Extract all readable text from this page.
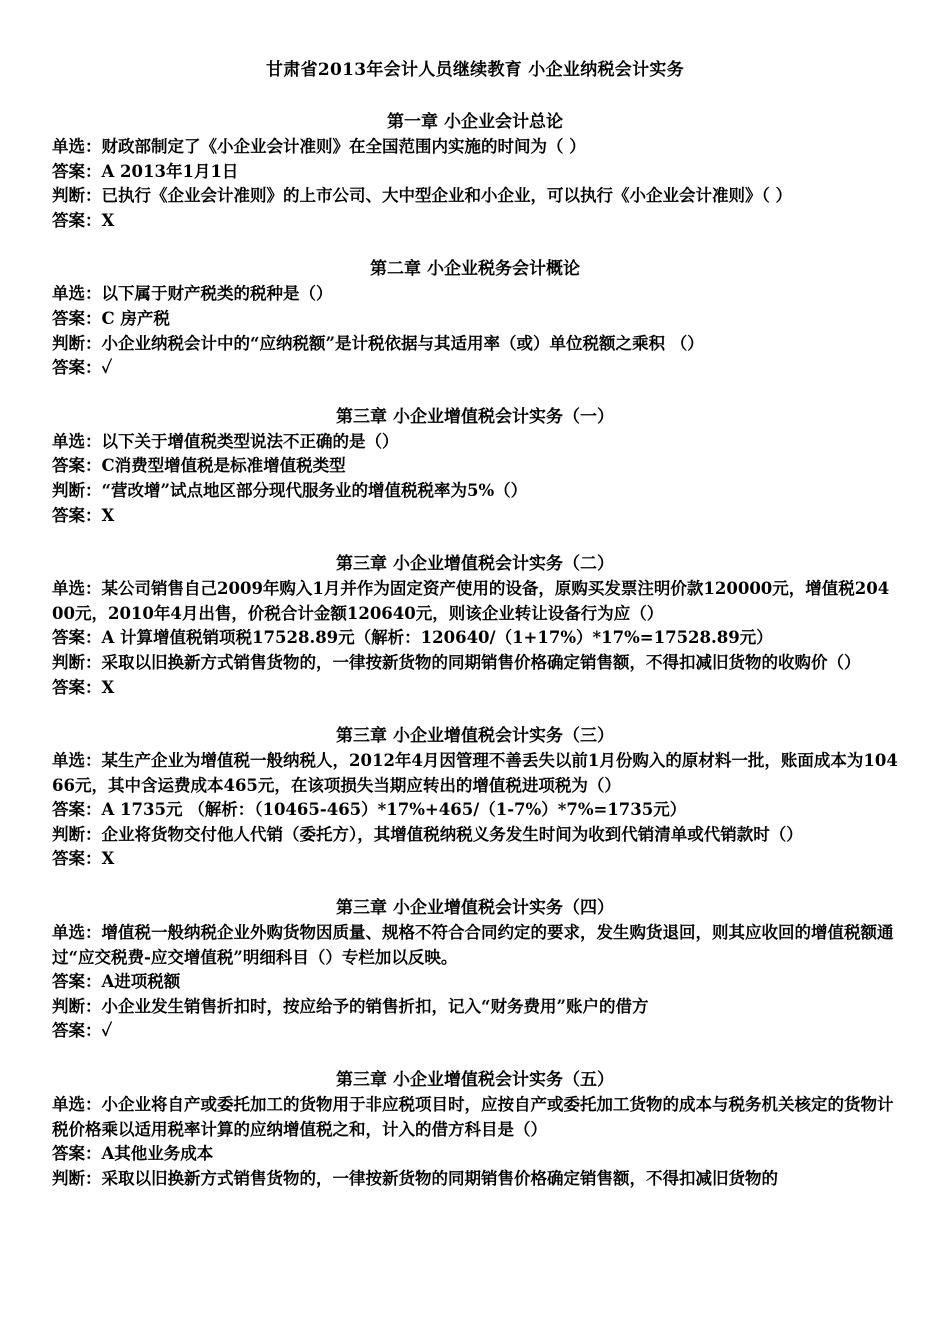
甘肃省2013年会计人员继续教育 小企业纳税会计实务
第一章 小企业会计总论
单选：财政部制定了《小企业会计准则》在全国范围内实施的时间为（ ）
答案：A 2013年1月1日
判断：已执行《企业会计准则》的上市公司、大中型企业和小企业，可以执行《小企业会计准则》（ ）
答案：X
第二章 小企业税务会计概论
单选：以下属于财产税类的税种是（）
答案：C 房产税
判断：小企业纳税会计中的“应纳税额”是计税依据与其适用率（或）单位税额之乘积 （）
答案：✓
第三章 小企业增值税会计实务（一）
单选：以下关于增值税类型说法不正确的是（）
答案：C消费型增值税是标准增值税类型
判断：“营改增”试点地区部分现代服务业的增值税税率为5%（）
答案：X
第三章 小企业增值税会计实务（二）
单选：某公司销售自己2009年购入1月并作为固定资产使用的设备，原购买发票注明价款120000元，增值税20400元，2010年4月出售，价税合计金额120640元，则该企业转让设备行为应（）
答案：A 计算增值税销项税17528.89元（解析：120640/（1+17%）*17%=17528.89元）
判断：采取以旧换新方式销售货物的，一律按新货物的同期销售价格确定销售额，不得扣减旧货物的收购价（）
答案：X
第三章 小企业增值税会计实务（三）
单选：某生产企业为增值税一般纳税人，2012年4月因管理不善丢失以前1月份购入的原材料一批，账面成本为10466元，其中含运费成本465元，在该项损失当期应转出的增值税进项税为（）
答案：A 1735元 （解析：（10465-465）*17%+465/（1-7%）*7%=1735元）
判断：企业将货物交付他人代销（委托方），其增值税纳税义务发生时间为收到代销清单或代销款时（）
答案：X
第三章 小企业增值税会计实务（四）
单选：增值税一般纳税企业外购货物因质量、规格不符合合同约定的要求，发生购货退回，则其应收回的增值税额通过“应交税费-应交增值税”明细科目（）专栏加以反映。
答案：A进项税额
判断：小企业发生销售折扣时，按应给予的销售折扣，记入“财务费用”账户的借方
答案：✓
第三章 小企业增值税会计实务（五）
单选：小企业将自产或委托加工的货物用于非应税项目时，应按自产或委托加工货物的成本与税务机关核定的货物计税价格乘以适用税率计算的应纳增值税之和，计入的借方科目是（）
答案：A其他业务成本
判断：采取以旧换新方式销售货物的，一律按新货物的同期销售价格确定销售额，不得扣减旧货物的
